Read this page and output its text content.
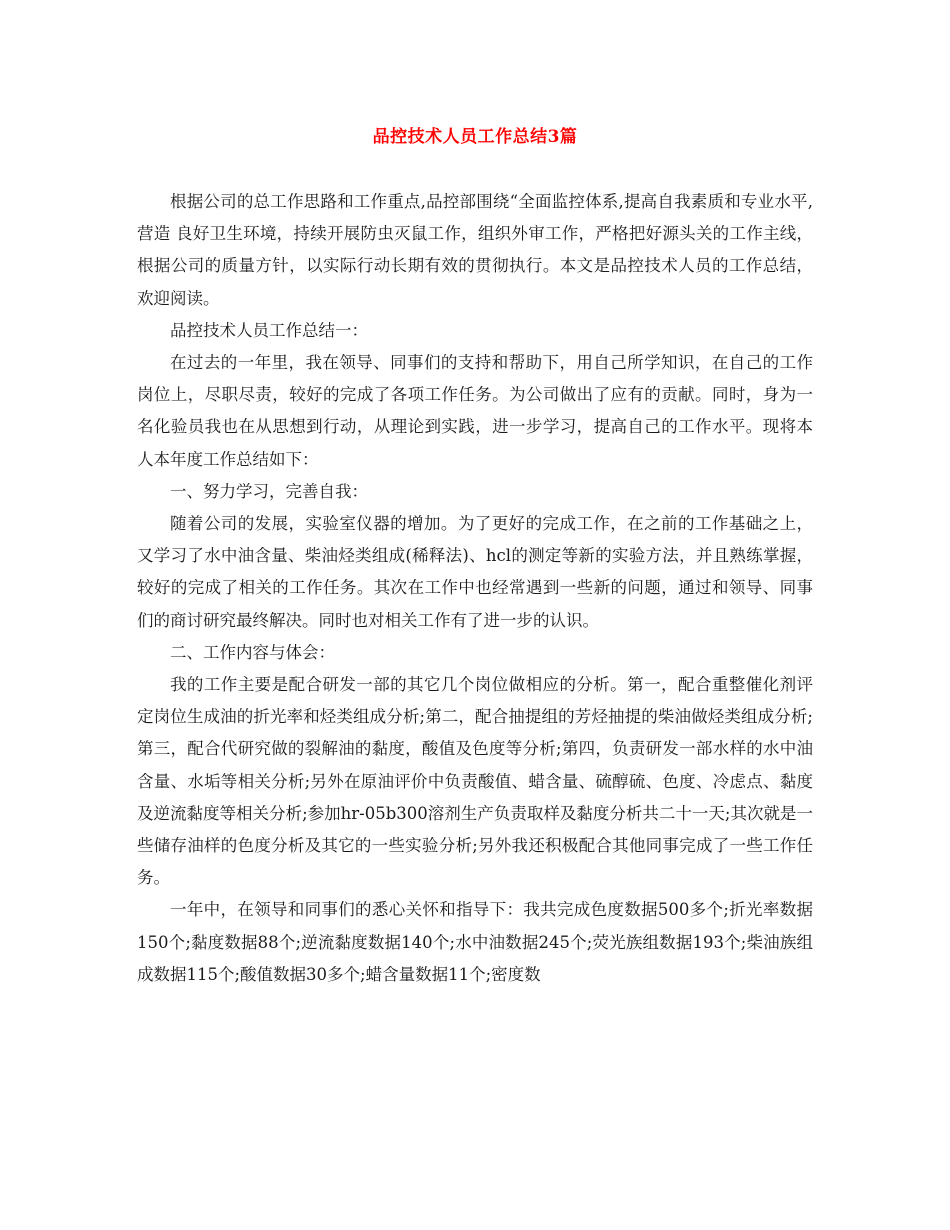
品控技术人员工作总结3篇

根据公司的总工作思路和工作重点,品控部围绕“全面监控体系,提高自我素质和专业水平,营造 良好卫生环境，持续开展防虫灭鼠工作，组织外审工作，严格把好源头关的工作主线，根据公司的质量方针，以实际行动长期有效的贯彻执行。本文是品控技术人员的工作总结，欢迎阅读。

品控技术人员工作总结一：

在过去的一年里，我在领导、同事们的支持和帮助下，用自己所学知识，在自己的工作岗位上，尽职尽责，较好的完成了各项工作任务。为公司做出了应有的贡献。同时，身为一名化验员我也在从思想到行动，从理论到实践，进一步学习，提高自己的工作水平。现将本人本年度工作总结如下：

一、努力学习，完善自我：

随着公司的发展，实验室仪器的增加。为了更好的完成工作，在之前的工作基础之上，又学习了水中油含量、柴油烃类组成(稀释法)、hcl的测定等新的实验方法，并且熟练掌握，较好的完成了相关的工作任务。其次在工作中也经常遇到一些新的问题，通过和领导、同事们的商讨研究最终解决。同时也对相关工作有了进一步的认识。

二、工作内容与体会：

我的工作主要是配合研发一部的其它几个岗位做相应的分析。第一，配合重整催化剂评定岗位生成油的折光率和烃类组成分析;第二，配合抽提组的芳烃抽提的柴油做烃类组成分析;第三，配合代研究做的裂解油的黏度，酸值及色度等分析;第四，负责研发一部水样的水中油含量、水垢等相关分析;另外在原油评价中负责酸值、蜡含量、硫醇硫、色度、冷虑点、黏度及逆流黏度等相关分析;参加hr-05b300溶剂生产负责取样及黏度分析共二十一天;其次就是一些储存油样的色度分析及其它的一些实验分析;另外我还积极配合其他同事完成了一些工作任务。

一年中，在领导和同事们的悉心关怀和指导下：我共完成色度数据500多个;折光率数据150个;黏度数据88个;逆流黏度数据140个;水中油数据245个;荧光族组数据193个;柴油族组成数据115个;酸值数据30多个;蜡含量数据11个;密度数
